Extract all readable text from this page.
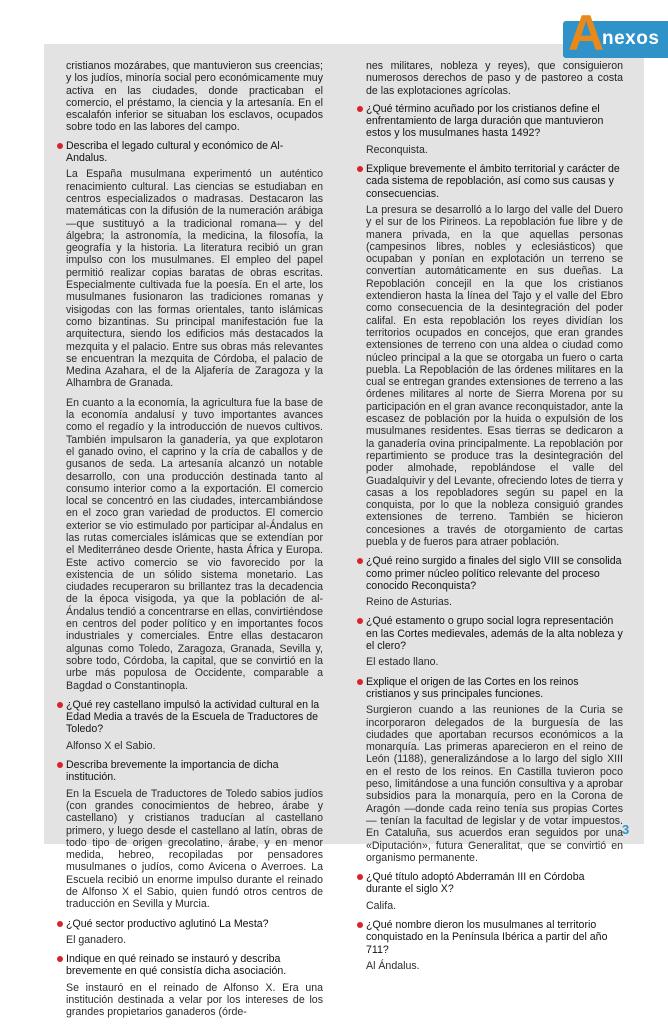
A
nexos

cristianos mozárabes, que mantuvieron sus creencias; y los judíos, minoría social pero económicamente muy activa en las ciudades, donde practicaban el comercio, el préstamo, la ciencia y la artesanía. En el escalafón inferior se situaban los esclavos, ocupados sobre todo en las labores del campo.

Describa el legado cultural y económico de Al-Andalus.

La España musulmana experimentó un auténtico renacimiento cultural. Las ciencias se estudiaban en centros especializados o madrasas. Destacaron las matemáticas con la difusión de la numeración arábiga —que sustituyó a la tradicional romana— y del álgebra; la astronomía, la medicina, la filosofía, la geografía y la historia. La literatura recibió un gran impulso con los musulmanes. El empleo del papel permitió realizar copias baratas de obras escritas. Especialmente cultivada fue la poesía. En el arte, los musulmanes fusionaron las tradiciones romanas y visigodas con las formas orientales, tanto islámicas como bizantinas. Su principal manifestación fue la arquitectura, siendo los edificios más destacados la mezquita y el palacio. Entre sus obras más relevantes se encuentran la mezquita de Córdoba, el palacio de Medina Azahara, el de la Aljafería de Zaragoza y la Alhambra de Granada.

En cuanto a la economía, la agricultura fue la base de la economía andalusí y tuvo importantes avances como el regadío y la introducción de nuevos cultivos. También impulsaron la ganadería, ya que explotaron el ganado ovino, el caprino y la cría de caballos y de gusanos de seda. La artesanía alcanzó un notable desarrollo, con una producción destinada tanto al consumo interior como a la exportación. El comercio local se concentró en las ciudades, intercambiándose en el zoco gran variedad de productos. El comercio exterior se vio estimulado por participar al-Ándalus en las rutas comerciales islámicas que se extendían por el Mediterráneo desde Oriente, hasta África y Europa. Este activo comercio se vio favorecido por la existencia de un sólido sistema monetario. Las ciudades recuperaron su brillantez tras la decadencia de la época visigoda, ya que la población de al-Ándalus tendió a concentrarse en ellas, convirtiéndose en centros del poder político y en importantes focos industriales y comerciales. Entre ellas destacaron algunas como Toledo, Zaragoza, Granada, Sevilla y, sobre todo, Córdoba, la capital, que se convirtió en la urbe más populosa de Occidente, comparable a Bagdad o Constantinopla.

¿Qué rey castellano impulsó la actividad cultural en la Edad Media a través de la Escuela de Traductores de Toledo?

Alfonso X el Sabio.

Describa brevemente la importancia de dicha institución.

En la Escuela de Traductores de Toledo sabios judíos (con grandes conocimientos de hebreo, árabe y castellano) y cristianos traducían al castellano primero, y luego desde el castellano al latín, obras de todo tipo de origen grecolatino, árabe, y en menor medida, hebreo, recopiladas por pensadores musulmanes o judíos, como Avicena o Averroes. La Escuela recibió un enorme impulso durante el reinado de Alfonso X el Sabio, quien fundó otros centros de traducción en Sevilla y Murcia.

¿Qué sector productivo aglutinó La Mesta?

El ganadero.

Indique en qué reinado se instauró y describa brevemente en qué consistía dicha asociación.

Se instauró en el reinado de Alfonso X. Era una institución destinada a velar por los intereses de los grandes propietarios ganaderos (órde-

nes militares, nobleza y reyes), que consiguieron numerosos derechos de paso y de pastoreo a costa de las explotaciones agrícolas.

¿Qué término acuñado por los cristianos define el enfrentamiento de larga duración que mantuvieron estos y los musulmanes hasta 1492?

Reconquista.

Explique brevemente el ámbito territorial y carácter de cada sistema de repoblación, así como sus causas y consecuencias.

La presura se desarrolló a lo largo del valle del Duero y el sur de los Pirineos. La repoblación fue libre y de manera privada, en la que aquellas personas (campesinos libres, nobles y eclesiásticos) que ocupaban y ponían en explotación un terreno se convertían automáticamente en sus dueñas. La Repoblación concejil en la que los cristianos extendieron hasta la línea del Tajo y el valle del Ebro como consecuencia de la desintegración del poder califal. En esta repoblación los reyes dividían los territorios ocupados en concejos, que eran grandes extensiones de terreno con una aldea o ciudad como núcleo principal a la que se otorgaba un fuero o carta puebla. La Repoblación de las órdenes militares en la cual se entregan grandes extensiones de terreno a las órdenes militares al norte de Sierra Morena por su participación en el gran avance reconquistador, ante la escasez de población por la huida o expulsión de los musulmanes residentes. Esas tierras se dedicaron a la ganadería ovina principalmente. La repoblación por repartimiento se produce tras la desintegración del poder almohade, repoblándose el valle del Guadalquivir y del Levante, ofreciendo lotes de tierra y casas a los repobladores según su papel en la conquista, por lo que la nobleza consiguió grandes extensiones de terreno. También se hicieron concesiones a través de otorgamiento de cartas puebla y de fueros para atraer población.

¿Qué reino surgido a finales del siglo VIII se consolida como primer núcleo político relevante del proceso conocido Reconquista?

Reino de Asturias.

¿Qué estamento o grupo social logra representación en las Cortes medievales, además de la alta nobleza y el clero?

El estado llano.

Explique el origen de las Cortes en los reinos cristianos y sus principales funciones.

Surgieron cuando a las reuniones de la Curia se incorporaron delegados de la burguesía de las ciudades que aportaban recursos económicos a la monarquía. Las primeras aparecieron en el reino de León (1188), generalizándose a lo largo del siglo XIII en el resto de los reinos. En Castilla tuvieron poco peso, limitándose a una función consultiva y a aprobar subsidios para la monarquía, pero en la Corona de Aragón —donde cada reino tenía sus propias Cortes— tenían la facultad de legislar y de votar impuestos. En Cataluña, sus acuerdos eran seguidos por una «Diputación», futura Generalitat, que se convirtió en organismo permanente.

¿Qué título adoptó Abderramán III en Córdoba durante el siglo X?

Califa.

¿Qué nombre dieron los musulmanes al territorio conquistado en la Península Ibérica a partir del año 711?

Al Ándalus.

3
